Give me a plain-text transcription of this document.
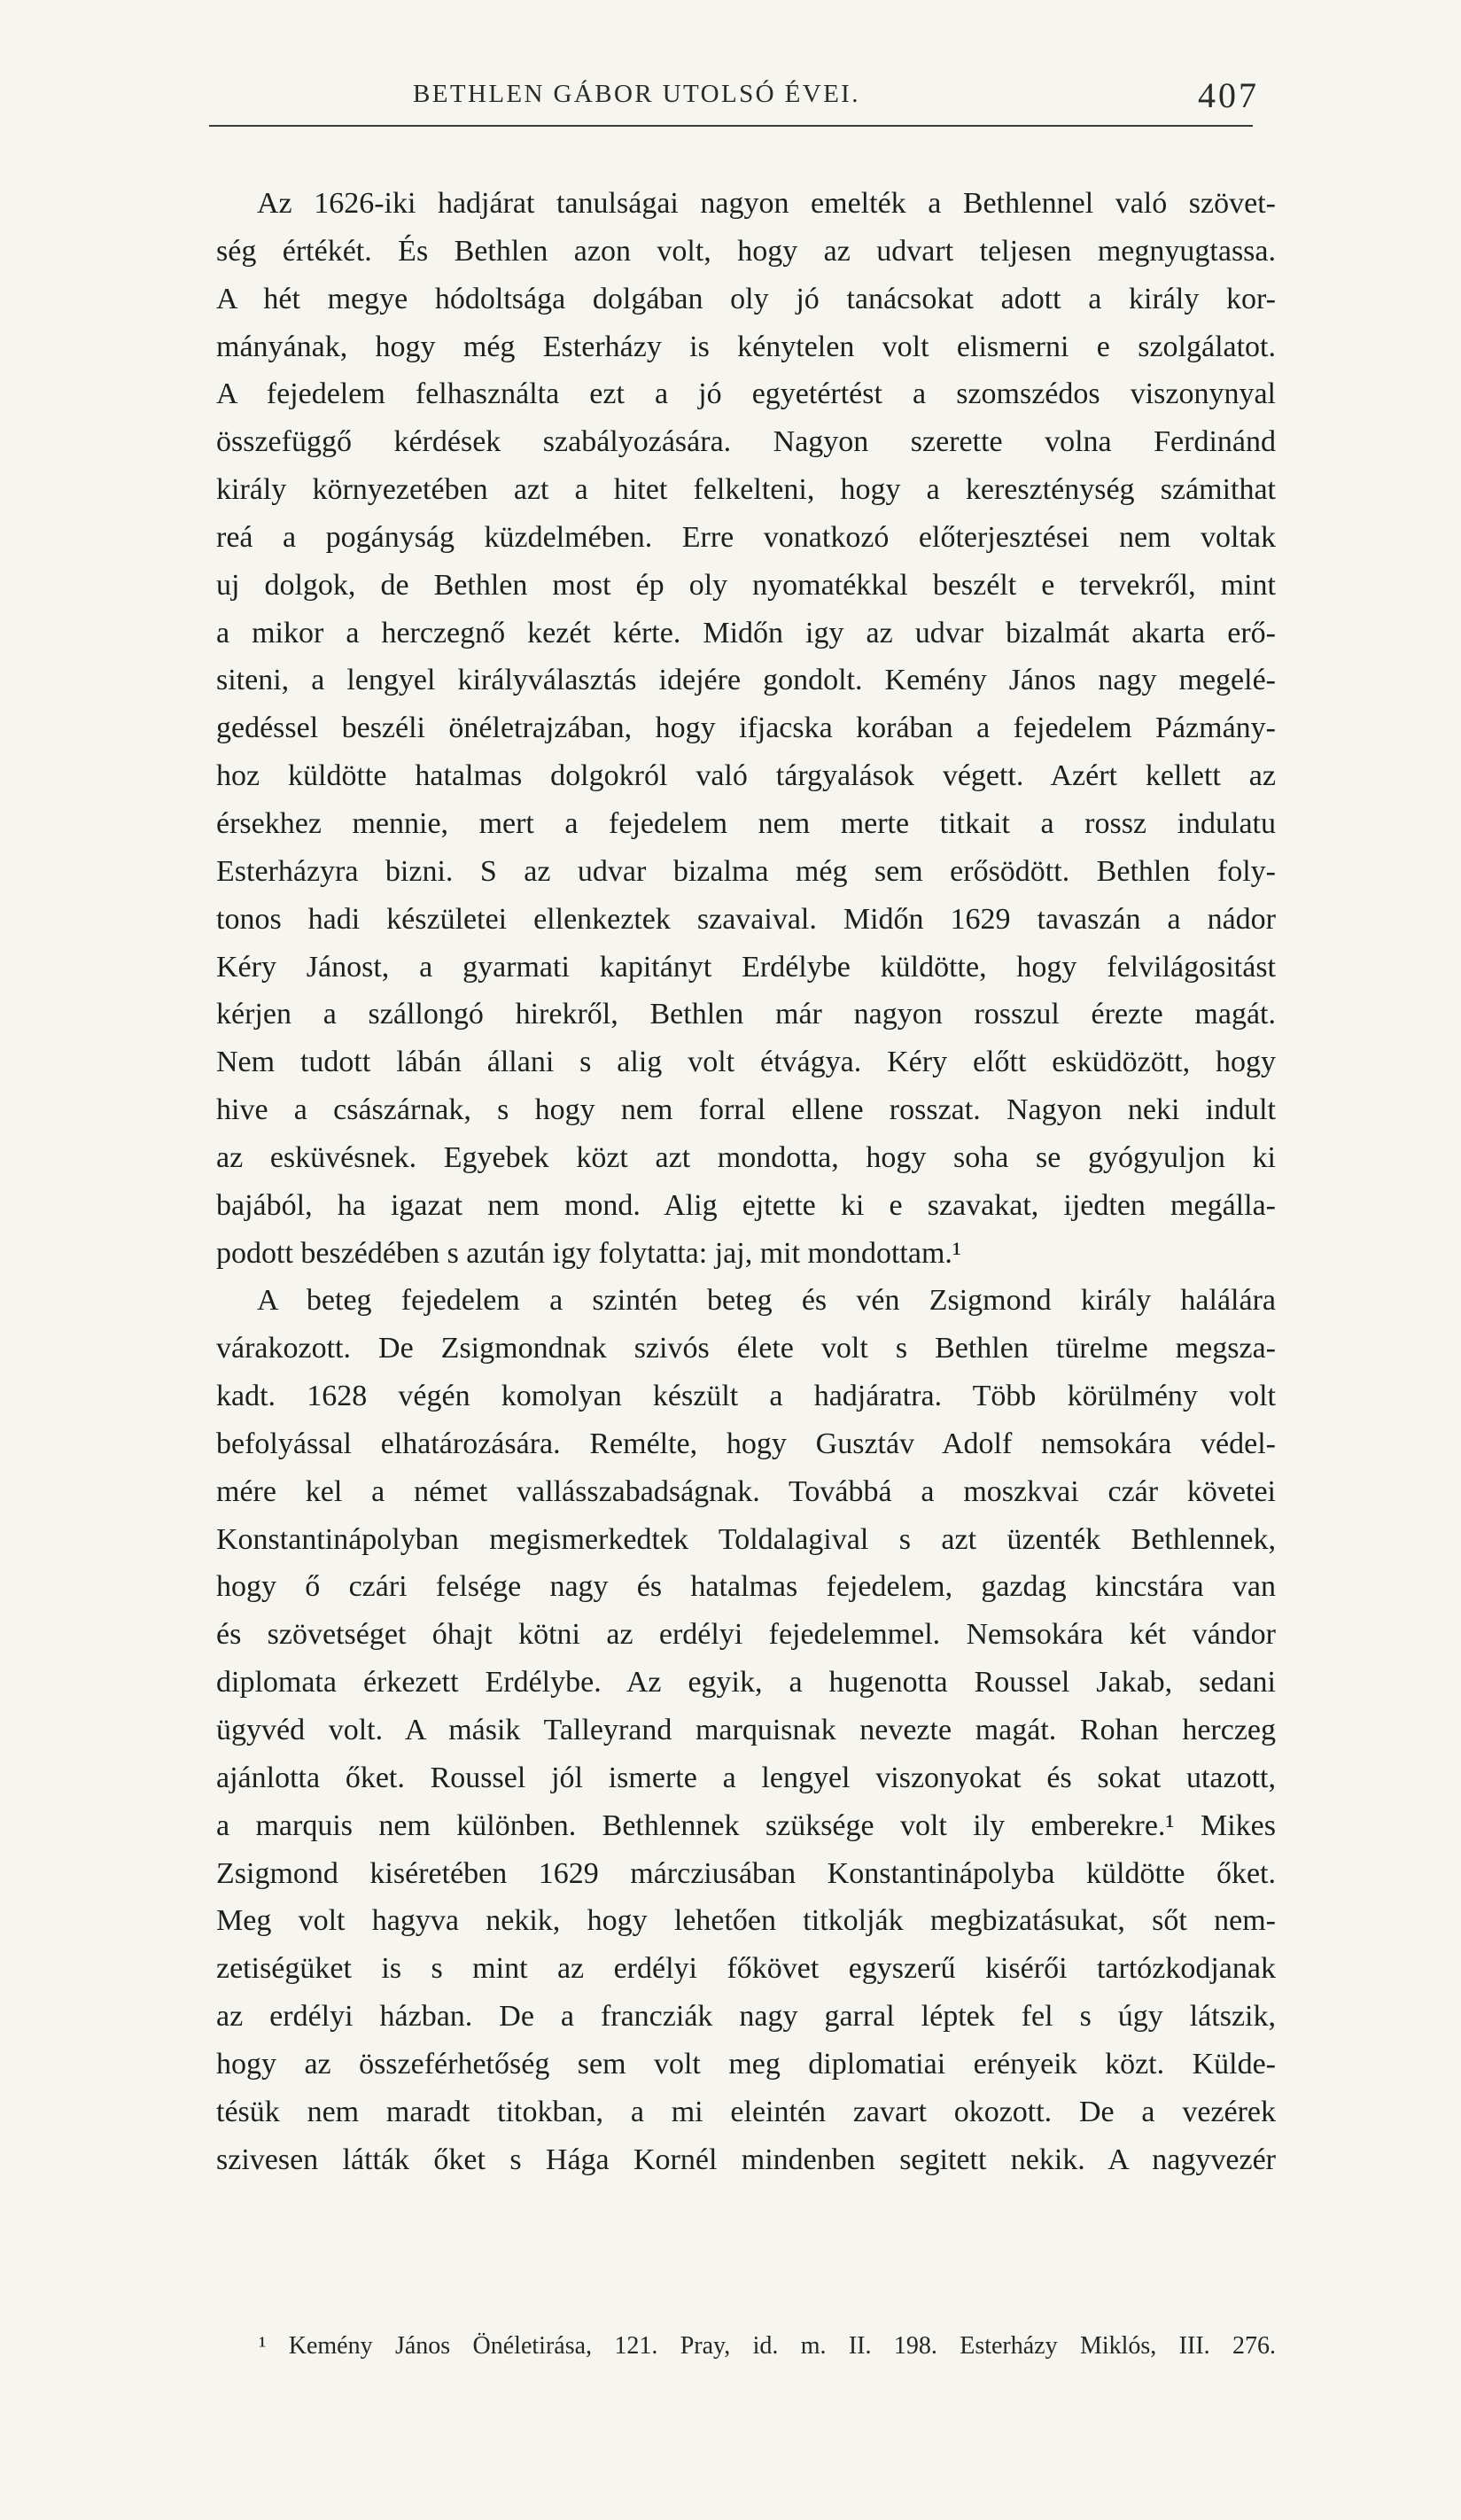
BETHLEN GÁBOR UTOLSÓ ÉVEI.	407
Az 1626-iki hadjárat tanulságai nagyon emelték a Bethlennel való szövet-
ség értékét. És Bethlen azon volt, hogy az udvart teljesen megnyugtassa.
A hét megye hódoltsága dolgában oly jó tanácsokat adott a király kor-
mányának, hogy még Esterházy is kénytelen volt elismerni e szolgálatot.
A fejedelem felhasználta ezt a jó egyetértést a szomszédos viszonynyal
összefüggő kérdések szabályozására. Nagyon szerette volna Ferdinánd
király környezetében azt a hitet felkelteni, hogy a kereszténység számithat
reá a pogányság küzdelmében. Erre vonatkozó előterjesztései nem voltak
uj dolgok, de Bethlen most ép oly nyomatékkal beszélt e tervekről, mint
a mikor a herczegnő kezét kérte. Midőn igy az udvar bizalmát akarta erő-
siteni, a lengyel királyválasztás idejére gondolt. Kemény János nagy megelé-
gedéssel beszéli önéletrajzában, hogy ifjacska korában a fejedelem Pázmány-
hoz küldötte hatalmas dolgokról való tárgyalások végett. Azért kellett az
érsekhez mennie, mert a fejedelem nem merte titkait a rossz indulatu
Esterházyra bizni. S az udvar bizalma még sem erősödött. Bethlen foly-
tonos hadi készületei ellenkeztek szavaival. Midőn 1629 tavaszán a nádor
Kéry Jánost, a gyarmati kapitányt Erdélybe küldötte, hogy felvilágositást
kérjen a szállongó hirekről, Bethlen már nagyon rosszul érezte magát.
Nem tudott lábán állani s alig volt étvágya. Kéry előtt esküdözött, hogy
hive a császárnak, s hogy nem forral ellene rosszat. Nagyon neki indult
az esküvésnek. Egyebek közt azt mondotta, hogy soha se gyógyuljon ki
bajából, ha igazat nem mond. Alig ejtette ki e szavakat, ijedten megálla-
podott beszédében s azután igy folytatta: jaj, mit mondottam.¹
A beteg fejedelem a szintén beteg és vén Zsigmond király halálára
várakozott. De Zsigmondnak szivós élete volt s Bethlen türelme megsza-
kadt. 1628 végén komolyan készült a hadjáratra. Több körülmény volt
befolyással elhatározására. Remélte, hogy Gusztáv Adolf nemsokára védel-
mére kel a német vallásszabadságnak. Továbbá a moszkvai czár követei
Konstantinápolyban megismerkedtek Toldalagival s azt üzenték Bethlennek,
hogy ő czári felsége nagy és hatalmas fejedelem, gazdag kincstára van
és szövetséget óhajt kötni az erdélyi fejedelemmel. Nemsokára két vándor
diplomata érkezett Erdélybe. Az egyik, a hugenotta Roussel Jakab, sedani
ügyvéd volt. A másik Talleyrand marquisnak nevezte magát. Rohan herczeg
ajánlotta őket. Roussel jól ismerte a lengyel viszonyokat és sokat utazott,
a marquis nem különben. Bethlennek szüksége volt ily emberekre.¹ Mikes
Zsigmond kiséretében 1629 márcziusában Konstantinápolyba küldötte őket.
Meg volt hagyva nekik, hogy lehetően titkolják megbizatásukat, sőt nem-
zetiségüket is s mint az erdélyi főkövet egyszerű kisérői tartózkodjanak
az erdélyi házban. De a francziák nagy garral léptek fel s úgy látszik,
hogy az összeférhetőség sem volt meg diplomatiai erényeik közt. Külde-
tésük nem maradt titokban, a mi eleintén zavart okozott. De a vezérek
szivesen látták őket s Hága Kornél mindenben segitett nekik. A nagyvezér
¹ Kemény János Önéletirása, 121. Pray, id. m. II. 198. Esterházy Miklós, III. 276.
